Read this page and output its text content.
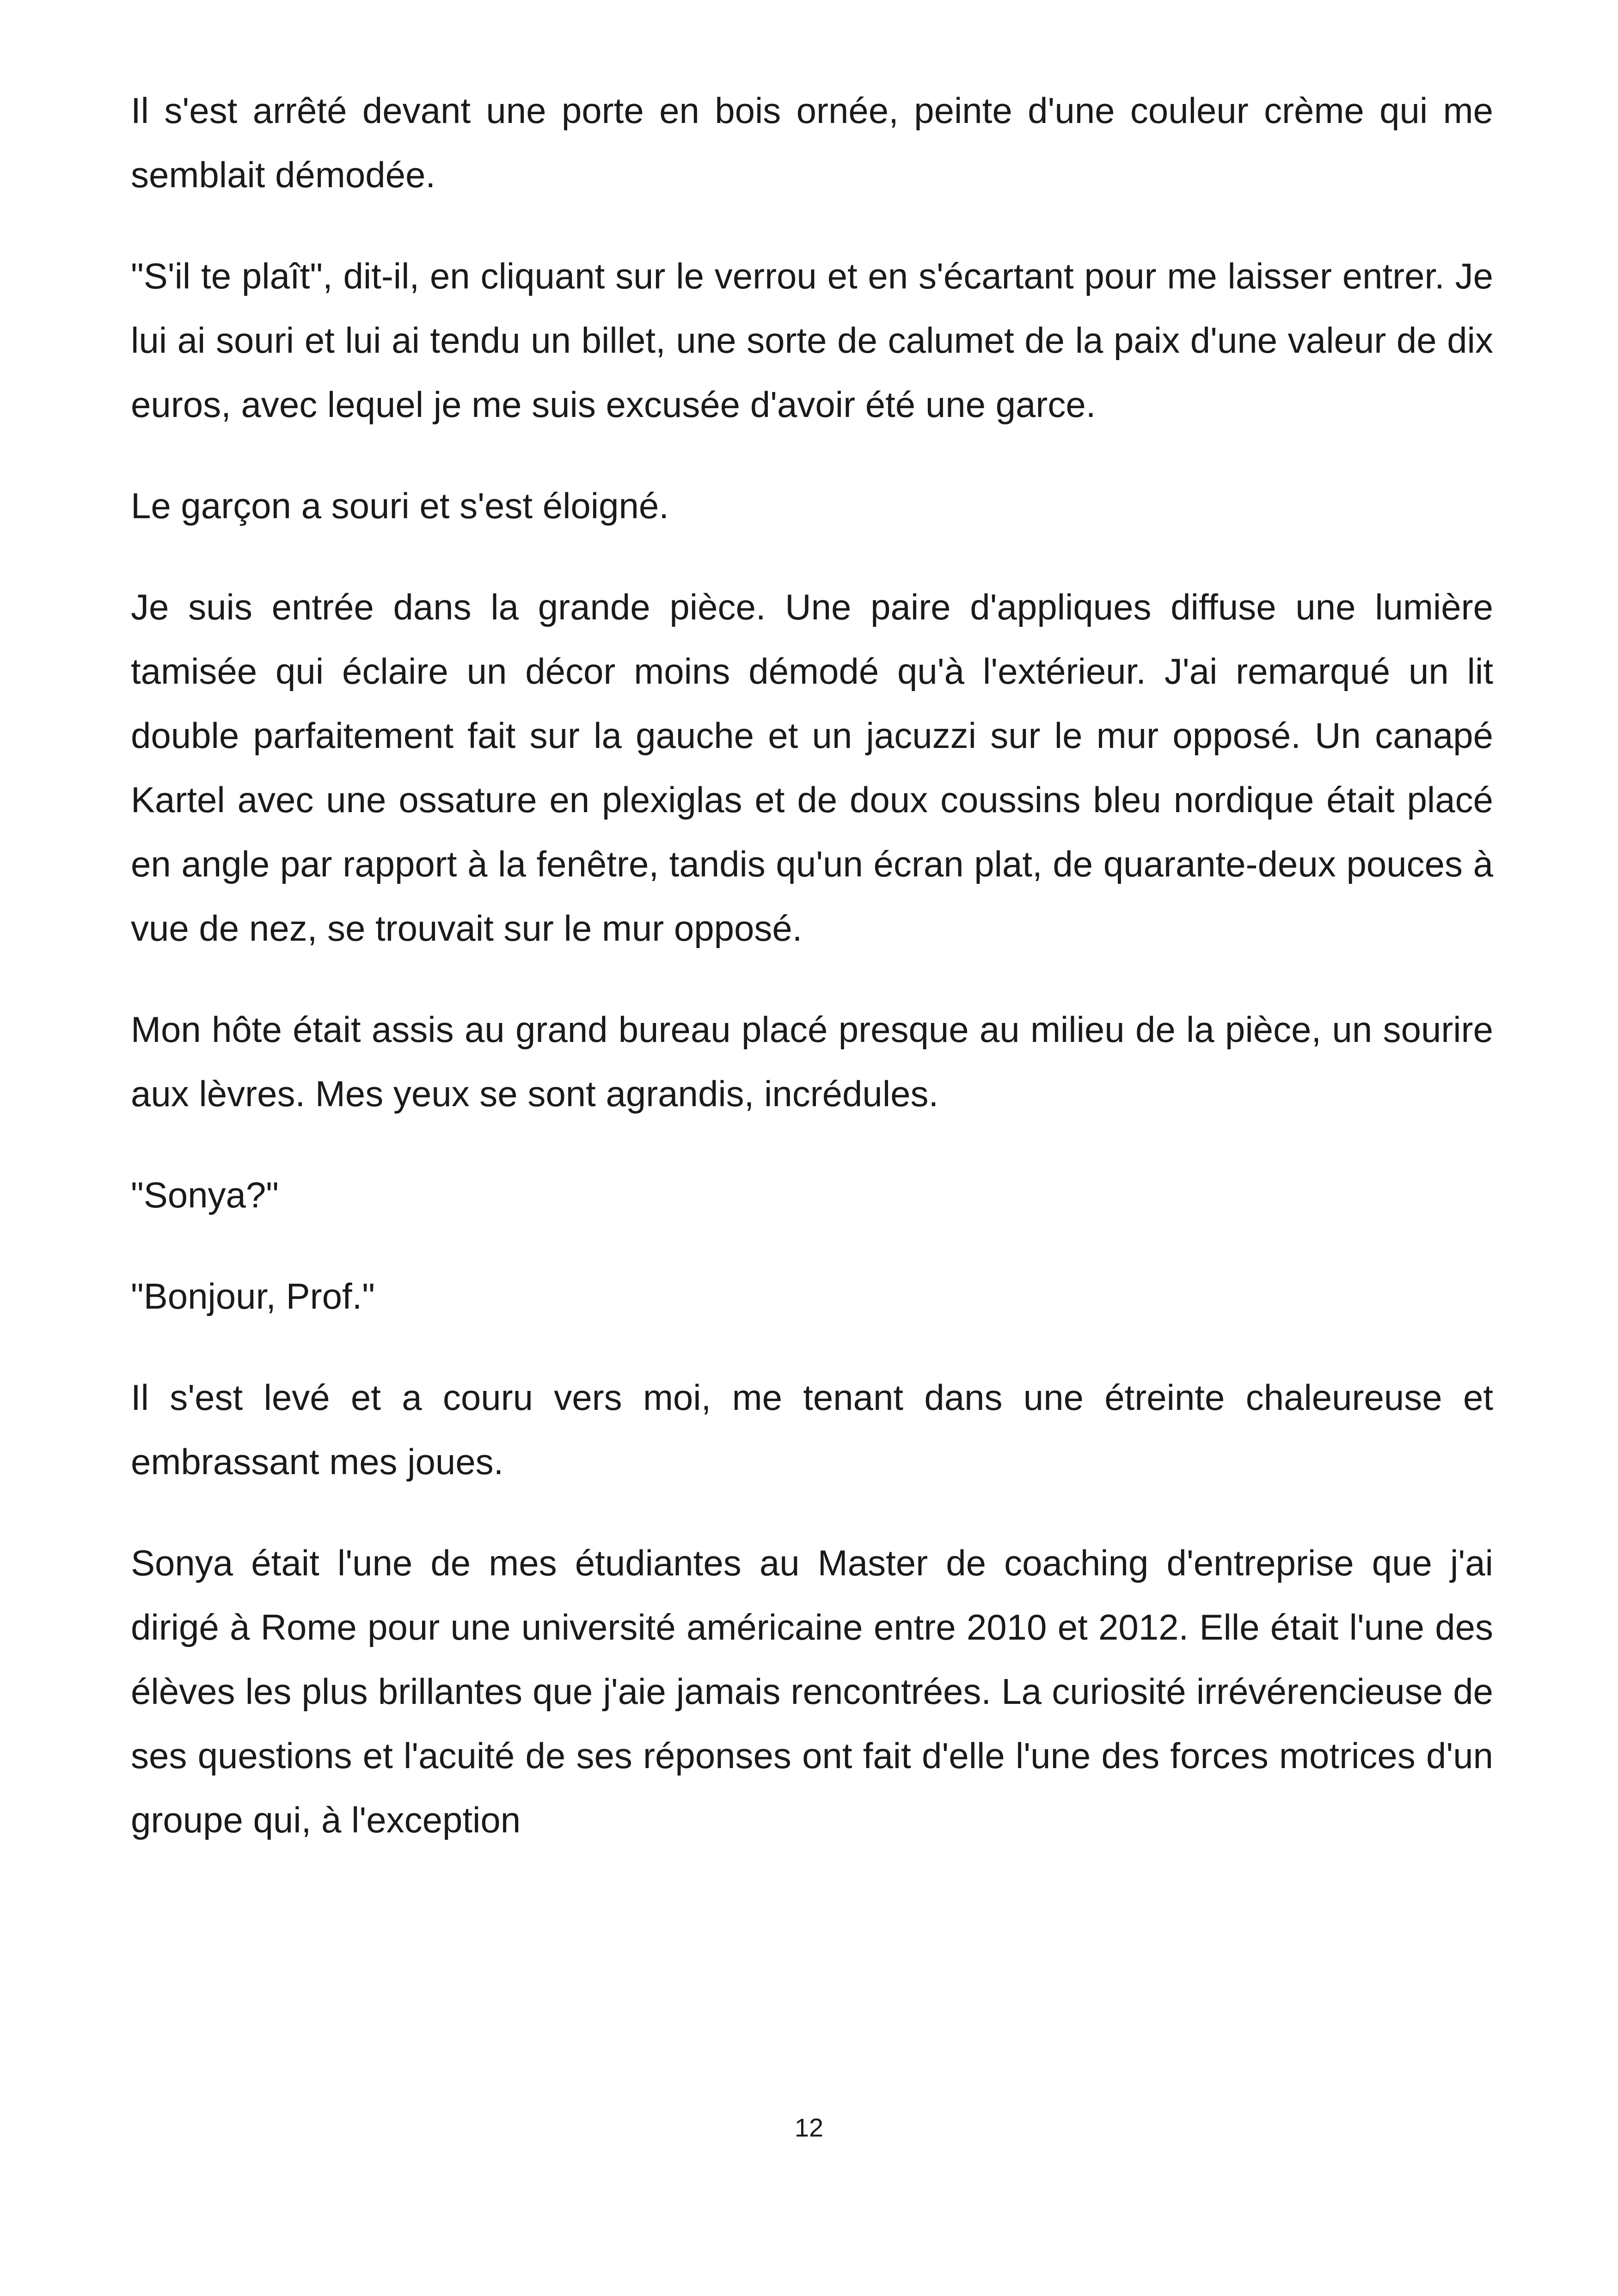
Il s'est arrêté devant une porte en bois ornée, peinte d'une couleur crème qui me semblait démodée.

"S'il te plaît", dit-il, en cliquant sur le verrou et en s'écartant pour me laisser entrer. Je lui ai souri et lui ai tendu un billet, une sorte de calumet de la paix d'une valeur de dix euros, avec lequel je me suis excusée d'avoir été une garce.

Le garçon a souri et s'est éloigné.

Je suis entrée dans la grande pièce. Une paire d'appliques diffuse une lumière tamisée qui éclaire un décor moins démodé qu'à l'extérieur. J'ai remarqué un lit double parfaitement fait sur la gauche et un jacuzzi sur le mur opposé. Un canapé Kartel avec une ossature en plexiglas et de doux coussins bleu nordique était placé en angle par rapport à la fenêtre, tandis qu'un écran plat, de quarante-deux pouces à vue de nez, se trouvait sur le mur opposé.

Mon hôte était assis au grand bureau placé presque au milieu de la pièce, un sourire aux lèvres. Mes yeux se sont agrandis, incrédules.

"Sonya?"

"Bonjour, Prof."

Il s'est levé et a couru vers moi, me tenant dans une étreinte chaleureuse et embrassant mes joues.

Sonya était l'une de mes étudiantes au Master de coaching d'entreprise que j'ai dirigé à Rome pour une université américaine entre 2010 et 2012. Elle était l'une des élèves les plus brillantes que j'aie jamais rencontrées. La curiosité irrévérencieuse de ses questions et l'acuité de ses réponses ont fait d'elle l'une des forces motrices d'un groupe qui, à l'exception

12
